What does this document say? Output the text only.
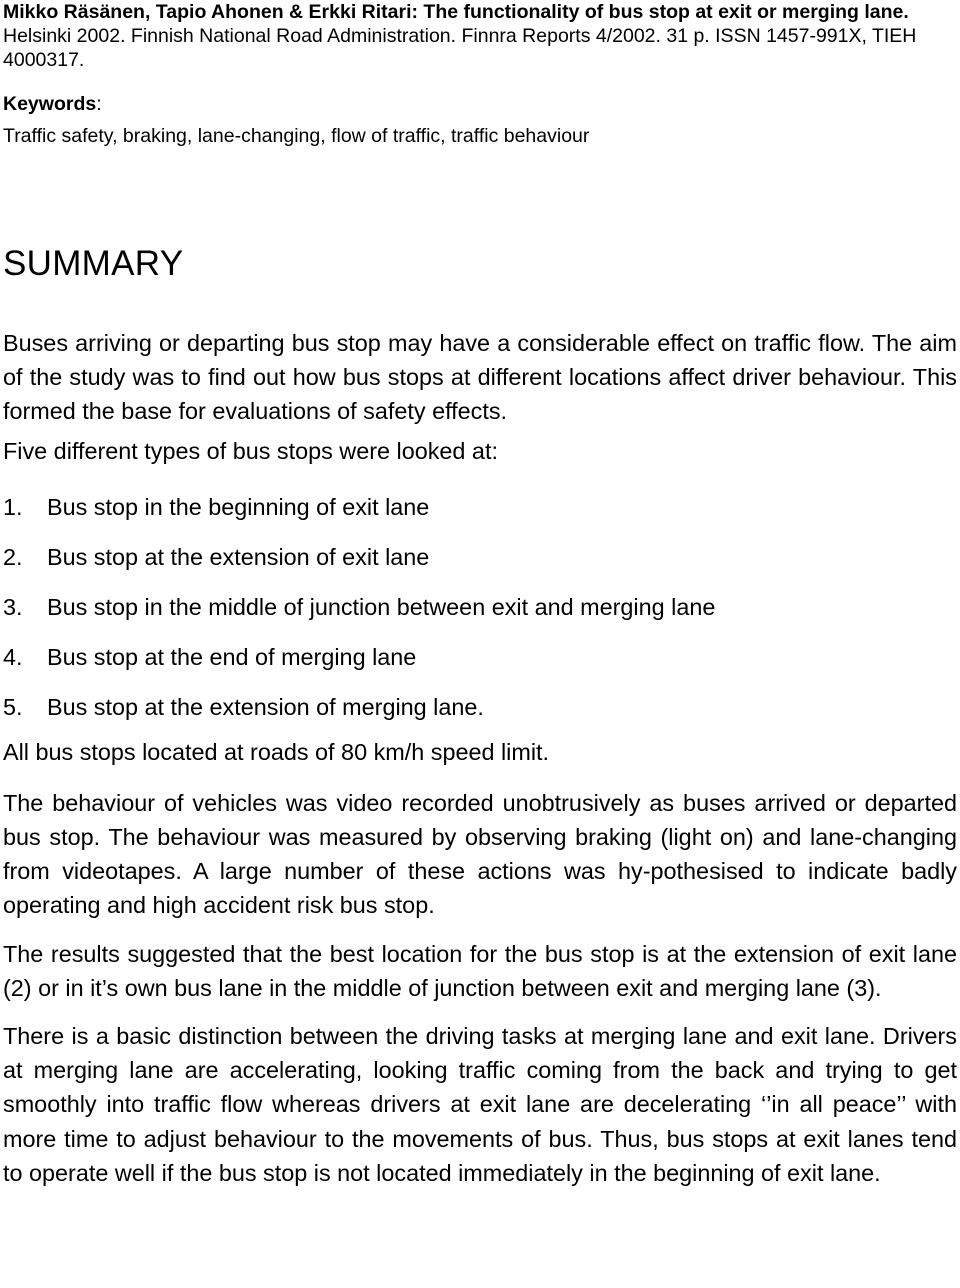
Mikko Räsänen, Tapio Ahonen & Erkki Ritari: The functionality of bus stop at exit or merging lane. Helsinki 2002. Finnish National Road Administration. Finnra Reports 4/2002. 31 p. ISSN 1457-991X, TIEH 4000317.

Keywords:

Traffic safety, braking, lane-changing, flow of traffic, traffic behaviour

SUMMARY

Buses arriving or departing bus stop may have a considerable effect on traffic flow. The aim of the study was to find out how bus stops at different locations affect driver behaviour. This formed the base for evaluations of safety effects.

Five different types of bus stops were looked at:

1.	Bus stop in the beginning of exit lane
2.	Bus stop at the extension of exit lane
3.	Bus stop in the middle of junction between exit and merging lane
4.	Bus stop at the end of merging lane
5.	Bus stop at the extension of merging lane.

All bus stops located at roads of 80 km/h speed limit.

The behaviour of vehicles was video recorded unobtrusively as buses arrived or departed bus stop. The behaviour was measured by observing braking (light on) and lane-changing from videotapes. A large number of these actions was hy-pothesised to indicate badly operating and high accident risk bus stop.

The results suggested that the best location for the bus stop is at the extension of exit lane (2) or in it’s own bus lane in the middle of junction between exit and merging lane (3).

There is a basic distinction between the driving tasks at merging lane and exit lane. Drivers at merging lane are accelerating, looking traffic coming from the back and trying to get smoothly into traffic flow whereas drivers at exit lane are decelerating ‘’in all peace’’ with more time to adjust behaviour to the movements of bus. Thus, bus stops at exit lanes tend to operate well if the bus stop is not located immediately in the beginning of exit lane.
